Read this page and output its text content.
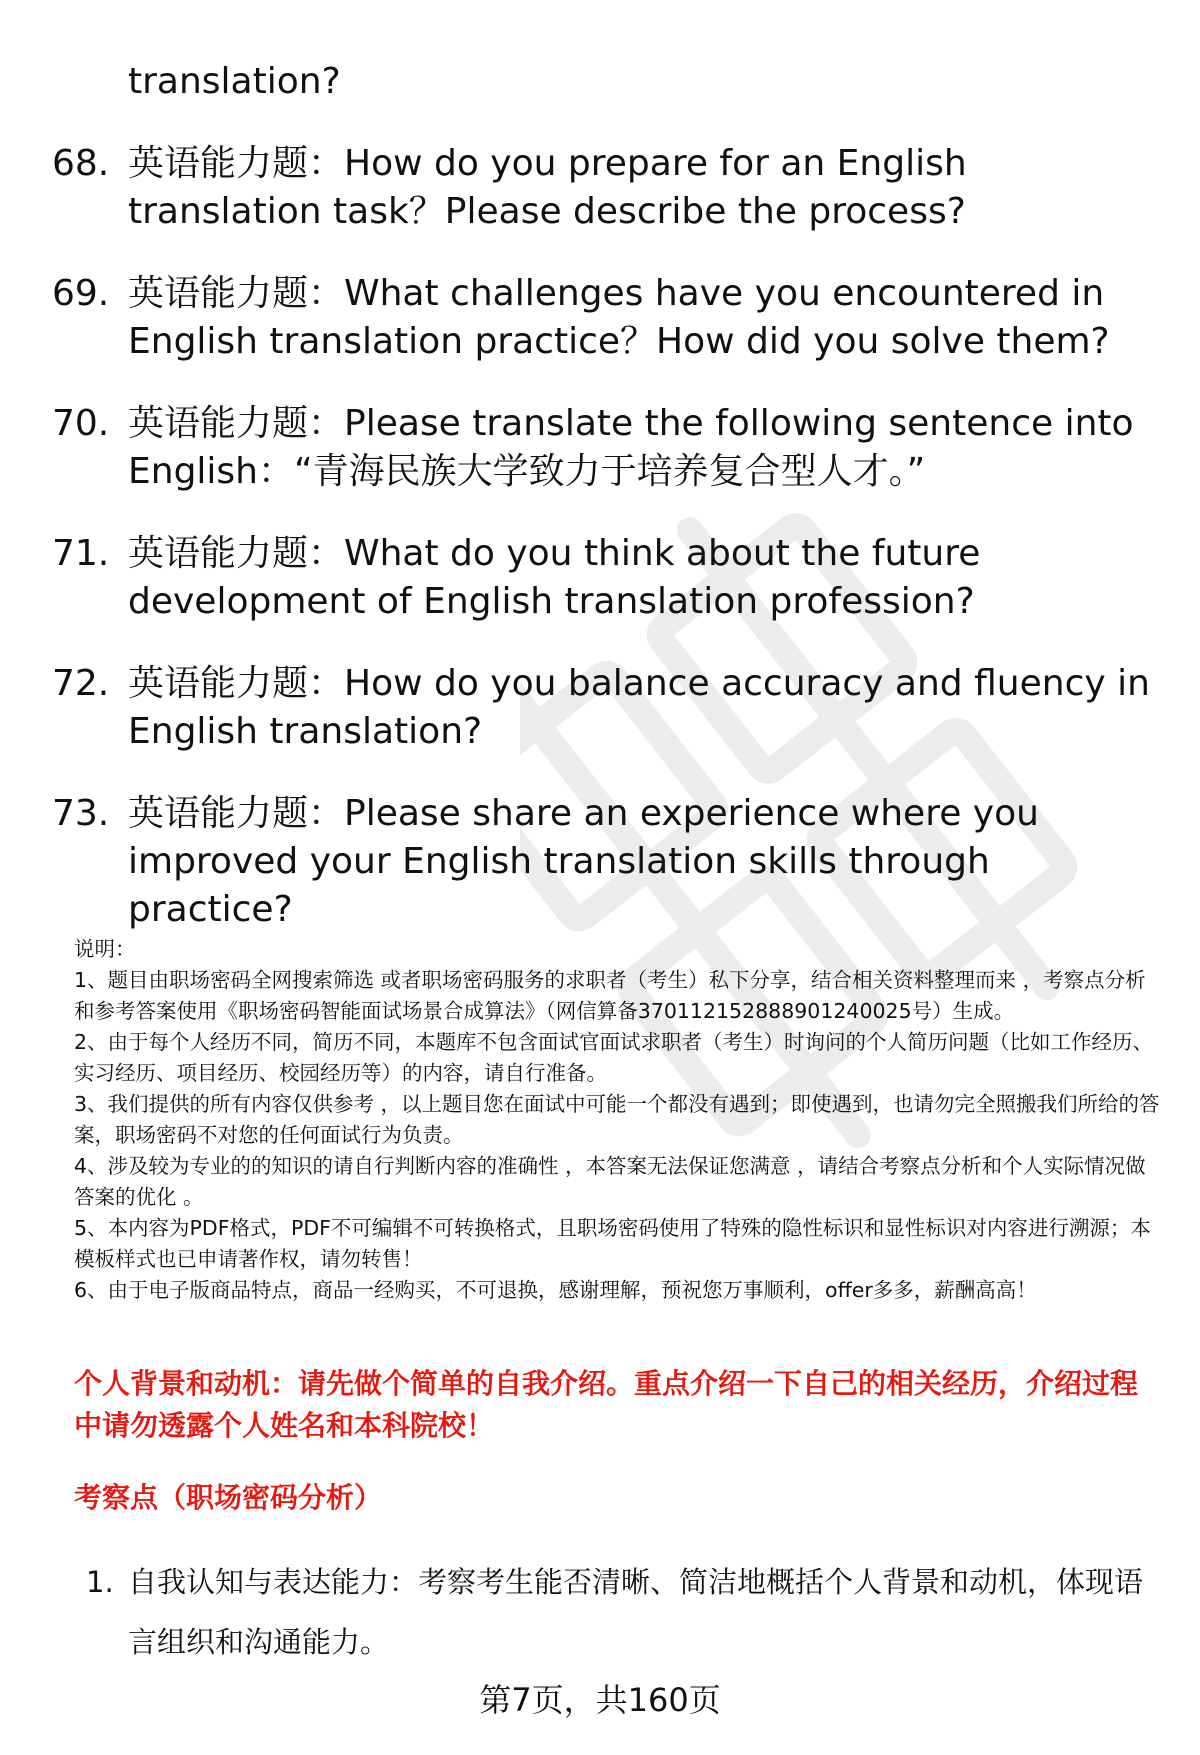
translation?
68. 英语能力题：How do you prepare for an English translation task？Please describe the process?
69. 英语能力题：What challenges have you encountered in English translation practice？How did you solve them?
70. 英语能力题：Please translate the following sentence into English：“青海民族大学致力于培养复合型人才。”
71. 英语能力题：What do you think about the future development of English translation profession?
72. 英语能力题：How do you balance accuracy and fluency in English translation?
73. 英语能力题：Please share an experience where you improved your English translation skills through practice?

说明：

1、题目由职场密码全网搜索筛选 或者职场密码服务的求职者（考生）私下分享，结合相关资料整理而来 ，考察点分析和参考答案使用《职场密码智能面试场景合成算法》（网信算备370112152888901240025号）生成。

2、由于每个人经历不同，简历不同，本题库不包含面试官面试求职者（考生）时询问的个人简历问题（比如工作经历、实习经历、项目经历、校园经历等）的内容，请自行准备。

3、我们提供的所有内容仅供参考 ，以上题目您在面试中可能一个都没有遇到；即使遇到，也请勿完全照搬我们所给的答案，职场密码不对您的任何面试行为负责。

4、涉及较为专业的的知识的请自行判断内容的准确性 ，本答案无法保证您满意 ，请结合考察点分析和个人实际情况做答案的优化 。

5、本内容为PDF格式，PDF不可编辑不可转换格式，且职场密码使用了特殊的隐性标识和显性标识对内容进行溯源；本模板样式也已申请著作权，请勿转售！

6、由于电子版商品特点，商品一经购买，不可退换，感谢理解，预祝您万事顺利，offer多多，薪酬高高！

个人背景和动机：请先做个简单的自我介绍。重点介绍一下自己的相关经历，介绍过程中请勿透露个人姓名和本科院校！
考察点（职场密码分析）
1. 自我认知与表达能力：考察考生能否清晰、简洁地概括个人背景和动机，体现语言组织和沟通能力。
第7页，共160页
